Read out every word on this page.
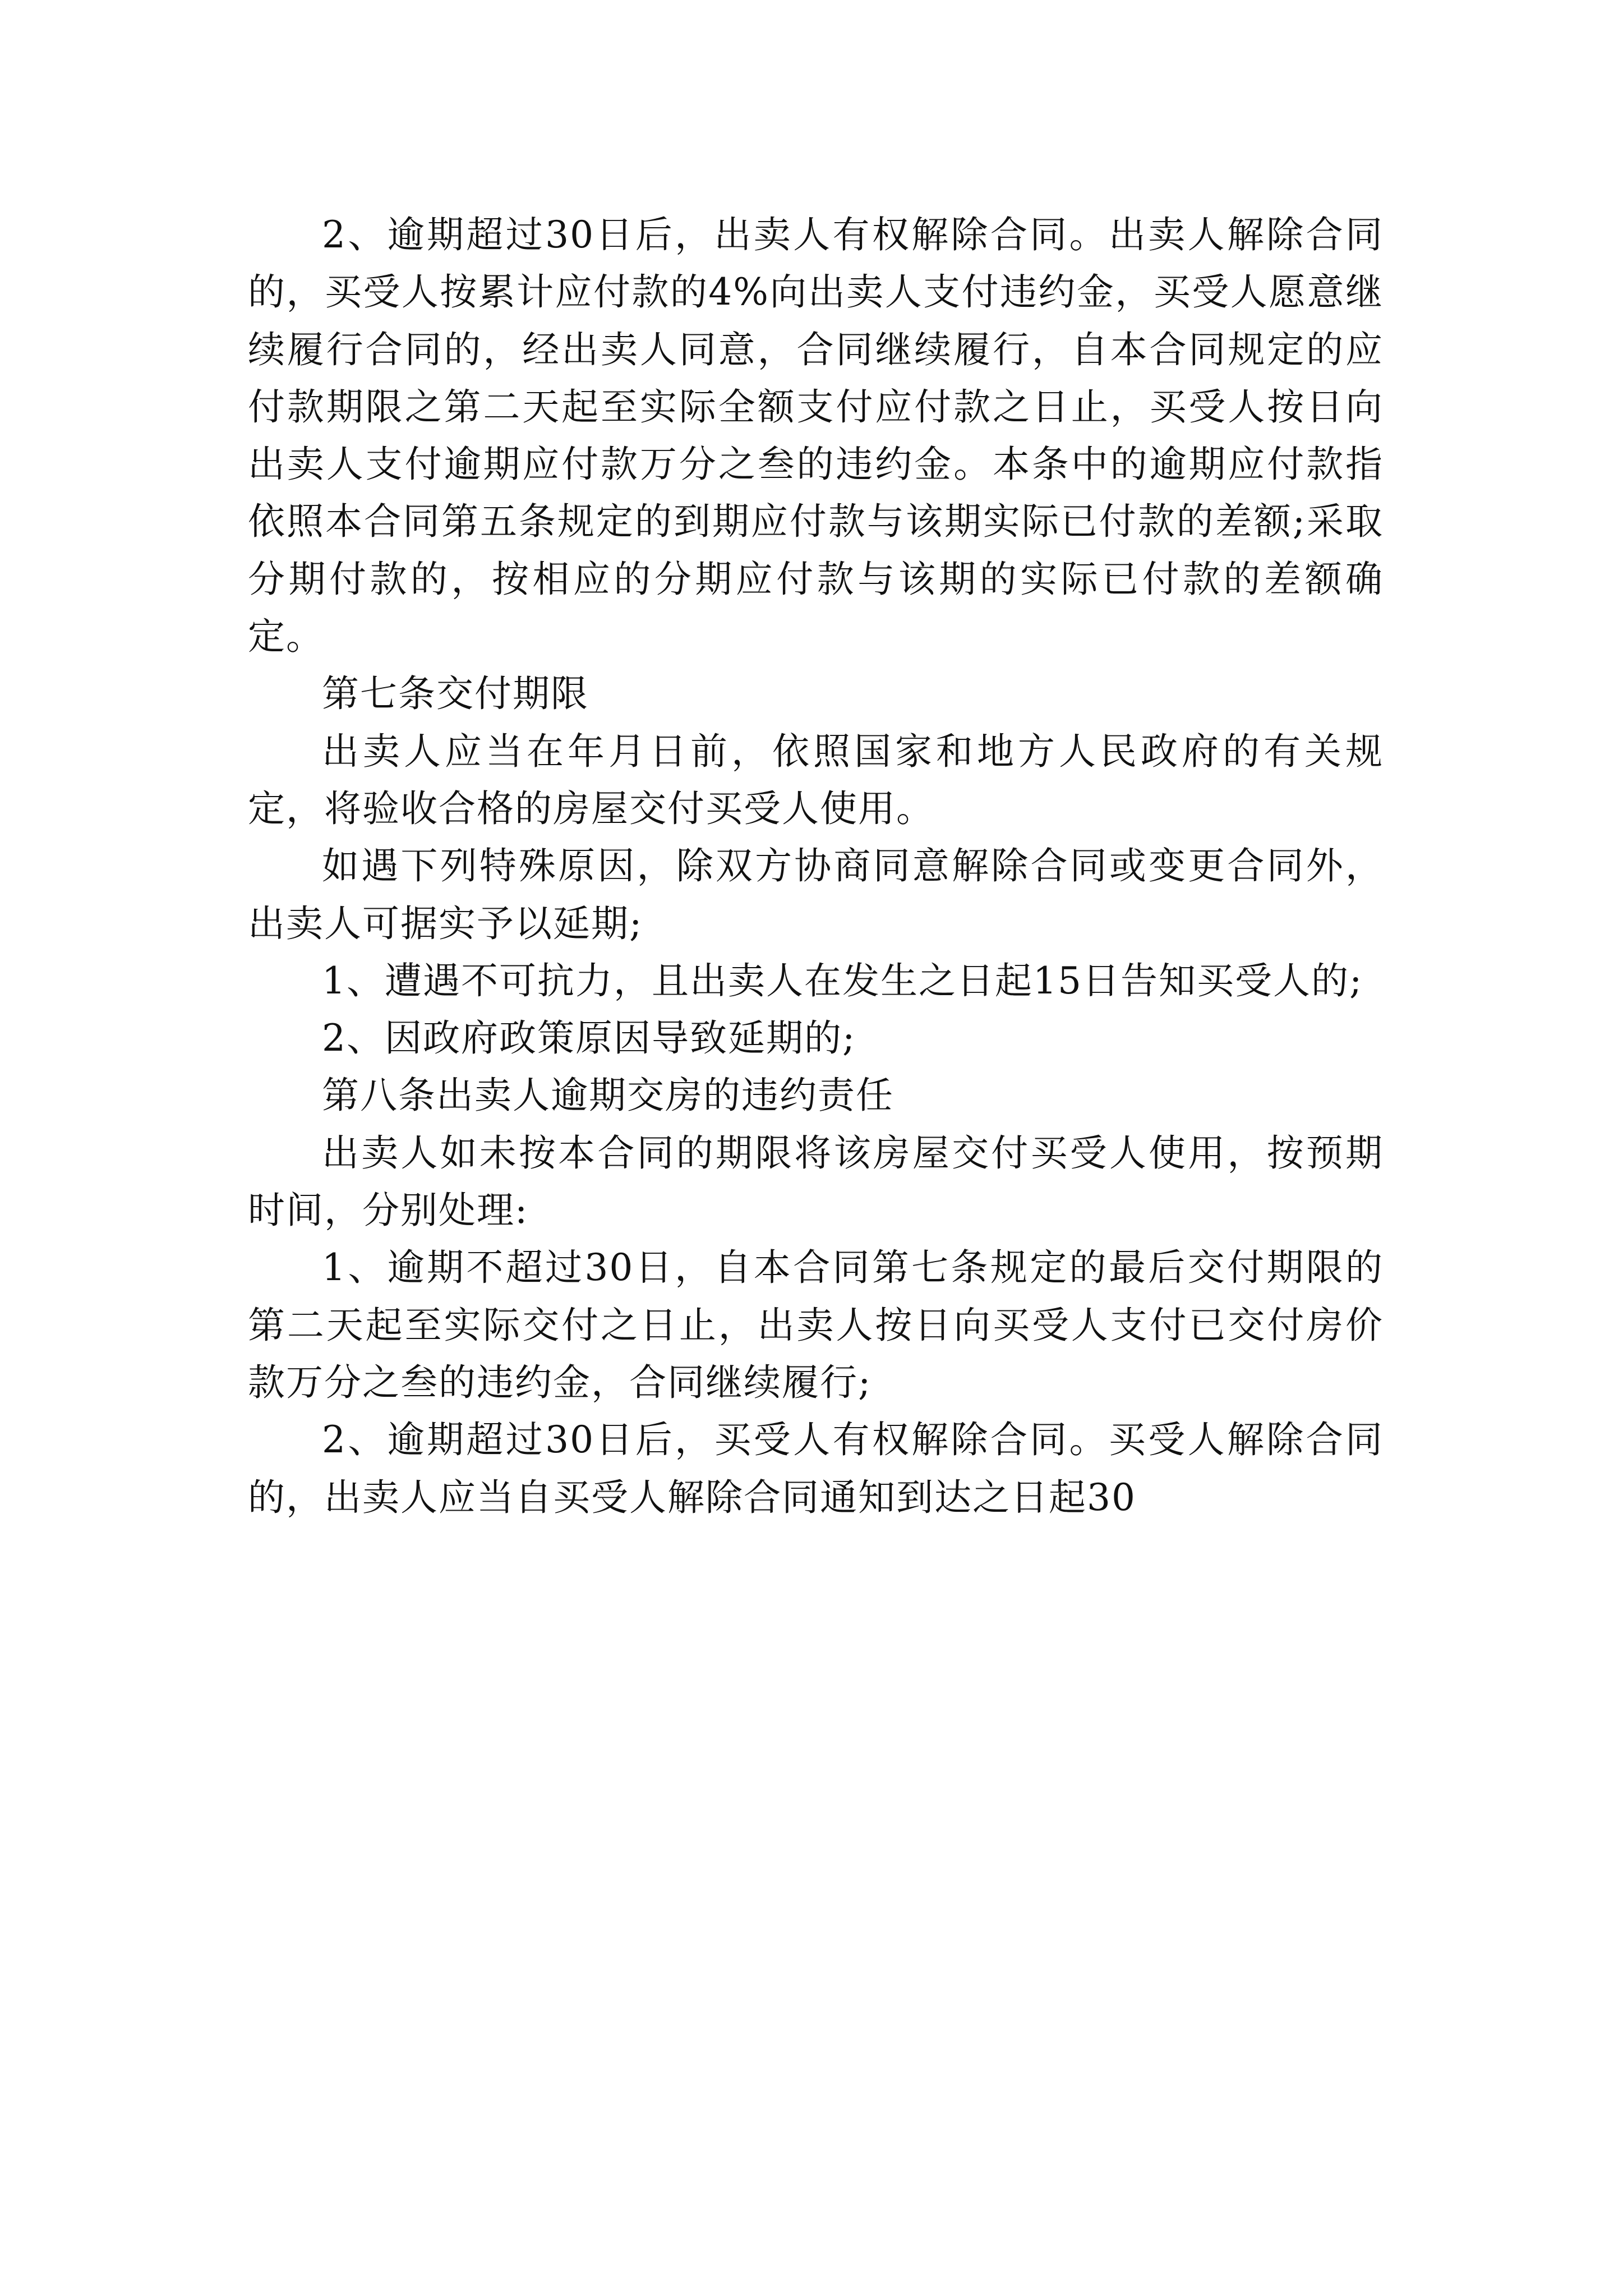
2、逾期超过30日后，出卖人有权解除合同。出卖人解除合同的，买受人按累计应付款的4%向出卖人支付违约金，买受人愿意继续履行合同的，经出卖人同意，合同继续履行，自本合同规定的应付款期限之第二天起至实际全额支付应付款之日止，买受人按日向出卖人支付逾期应付款万分之叁的违约金。本条中的逾期应付款指依照本合同第五条规定的到期应付款与该期实际已付款的差额;采取分期付款的，按相应的分期应付款与该期的实际已付款的差额确定。

第七条交付期限

出卖人应当在年月日前，依照国家和地方人民政府的有关规定，将验收合格的房屋交付买受人使用。

如遇下列特殊原因，除双方协商同意解除合同或变更合同外，出卖人可据实予以延期;

1、遭遇不可抗力，且出卖人在发生之日起15日告知买受人的;

2、因政府政策原因导致延期的;

第八条出卖人逾期交房的违约责任

出卖人如未按本合同的期限将该房屋交付买受人使用，按预期时间，分别处理:

1、逾期不超过30日，自本合同第七条规定的最后交付期限的第二天起至实际交付之日止，出卖人按日向买受人支付已交付房价款万分之叁的违约金，合同继续履行;

2、逾期超过30日后，买受人有权解除合同。买受人解除合同的，出卖人应当自买受人解除合同通知到达之日起30
